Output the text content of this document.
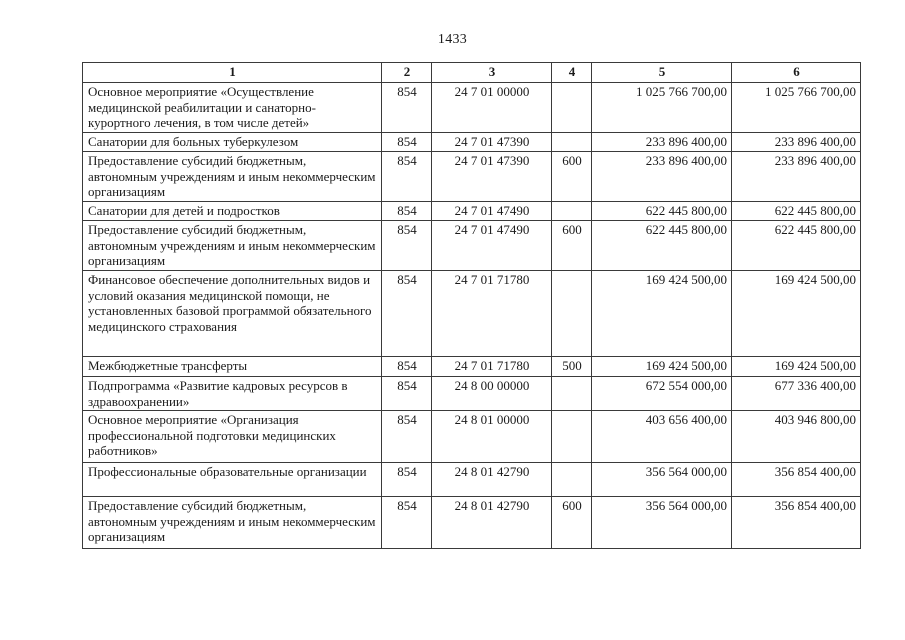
1433
1	2	3	4	5	6
Основное мероприятие «Осуществление медицинской реабилитации и санаторно-курортного лечения, в том числе детей»	854	24 7 01 00000		1 025 766 700,00	1 025 766 700,00
Санатории для больных туберкулезом	854	24 7 01 47390		233 896 400,00	233 896 400,00
Предоставление субсидий бюджетным, автономным учреждениям и иным некоммерческим организациям	854	24 7 01 47390	600	233 896 400,00	233 896 400,00
Санатории для детей и подростков	854	24 7 01 47490		622 445 800,00	622 445 800,00
Предоставление субсидий бюджетным, автономным учреждениям и иным некоммерческим организациям	854	24 7 01 47490	600	622 445 800,00	622 445 800,00
Финансовое обеспечение дополнительных видов и условий оказания медицинской помощи, не установленных базовой программой обязательного медицинского страхования	854	24 7 01 71780		169 424 500,00	169 424 500,00
Межбюджетные трансферты	854	24 7 01 71780	500	169 424 500,00	169 424 500,00
Подпрограмма «Развитие кадровых ресурсов в здравоохранении»	854	24 8 00 00000		672 554 000,00	677 336 400,00
Основное мероприятие «Организация профессиональной подготовки медицинских работников»	854	24 8 01 00000		403 656 400,00	403 946 800,00
Профессиональные образовательные организации	854	24 8 01 42790		356 564 000,00	356 854 400,00
Предоставление субсидий бюджетным, автономным учреждениям и иным некоммерческим организациям	854	24 8 01 42790	600	356 564 000,00	356 854 400,00
